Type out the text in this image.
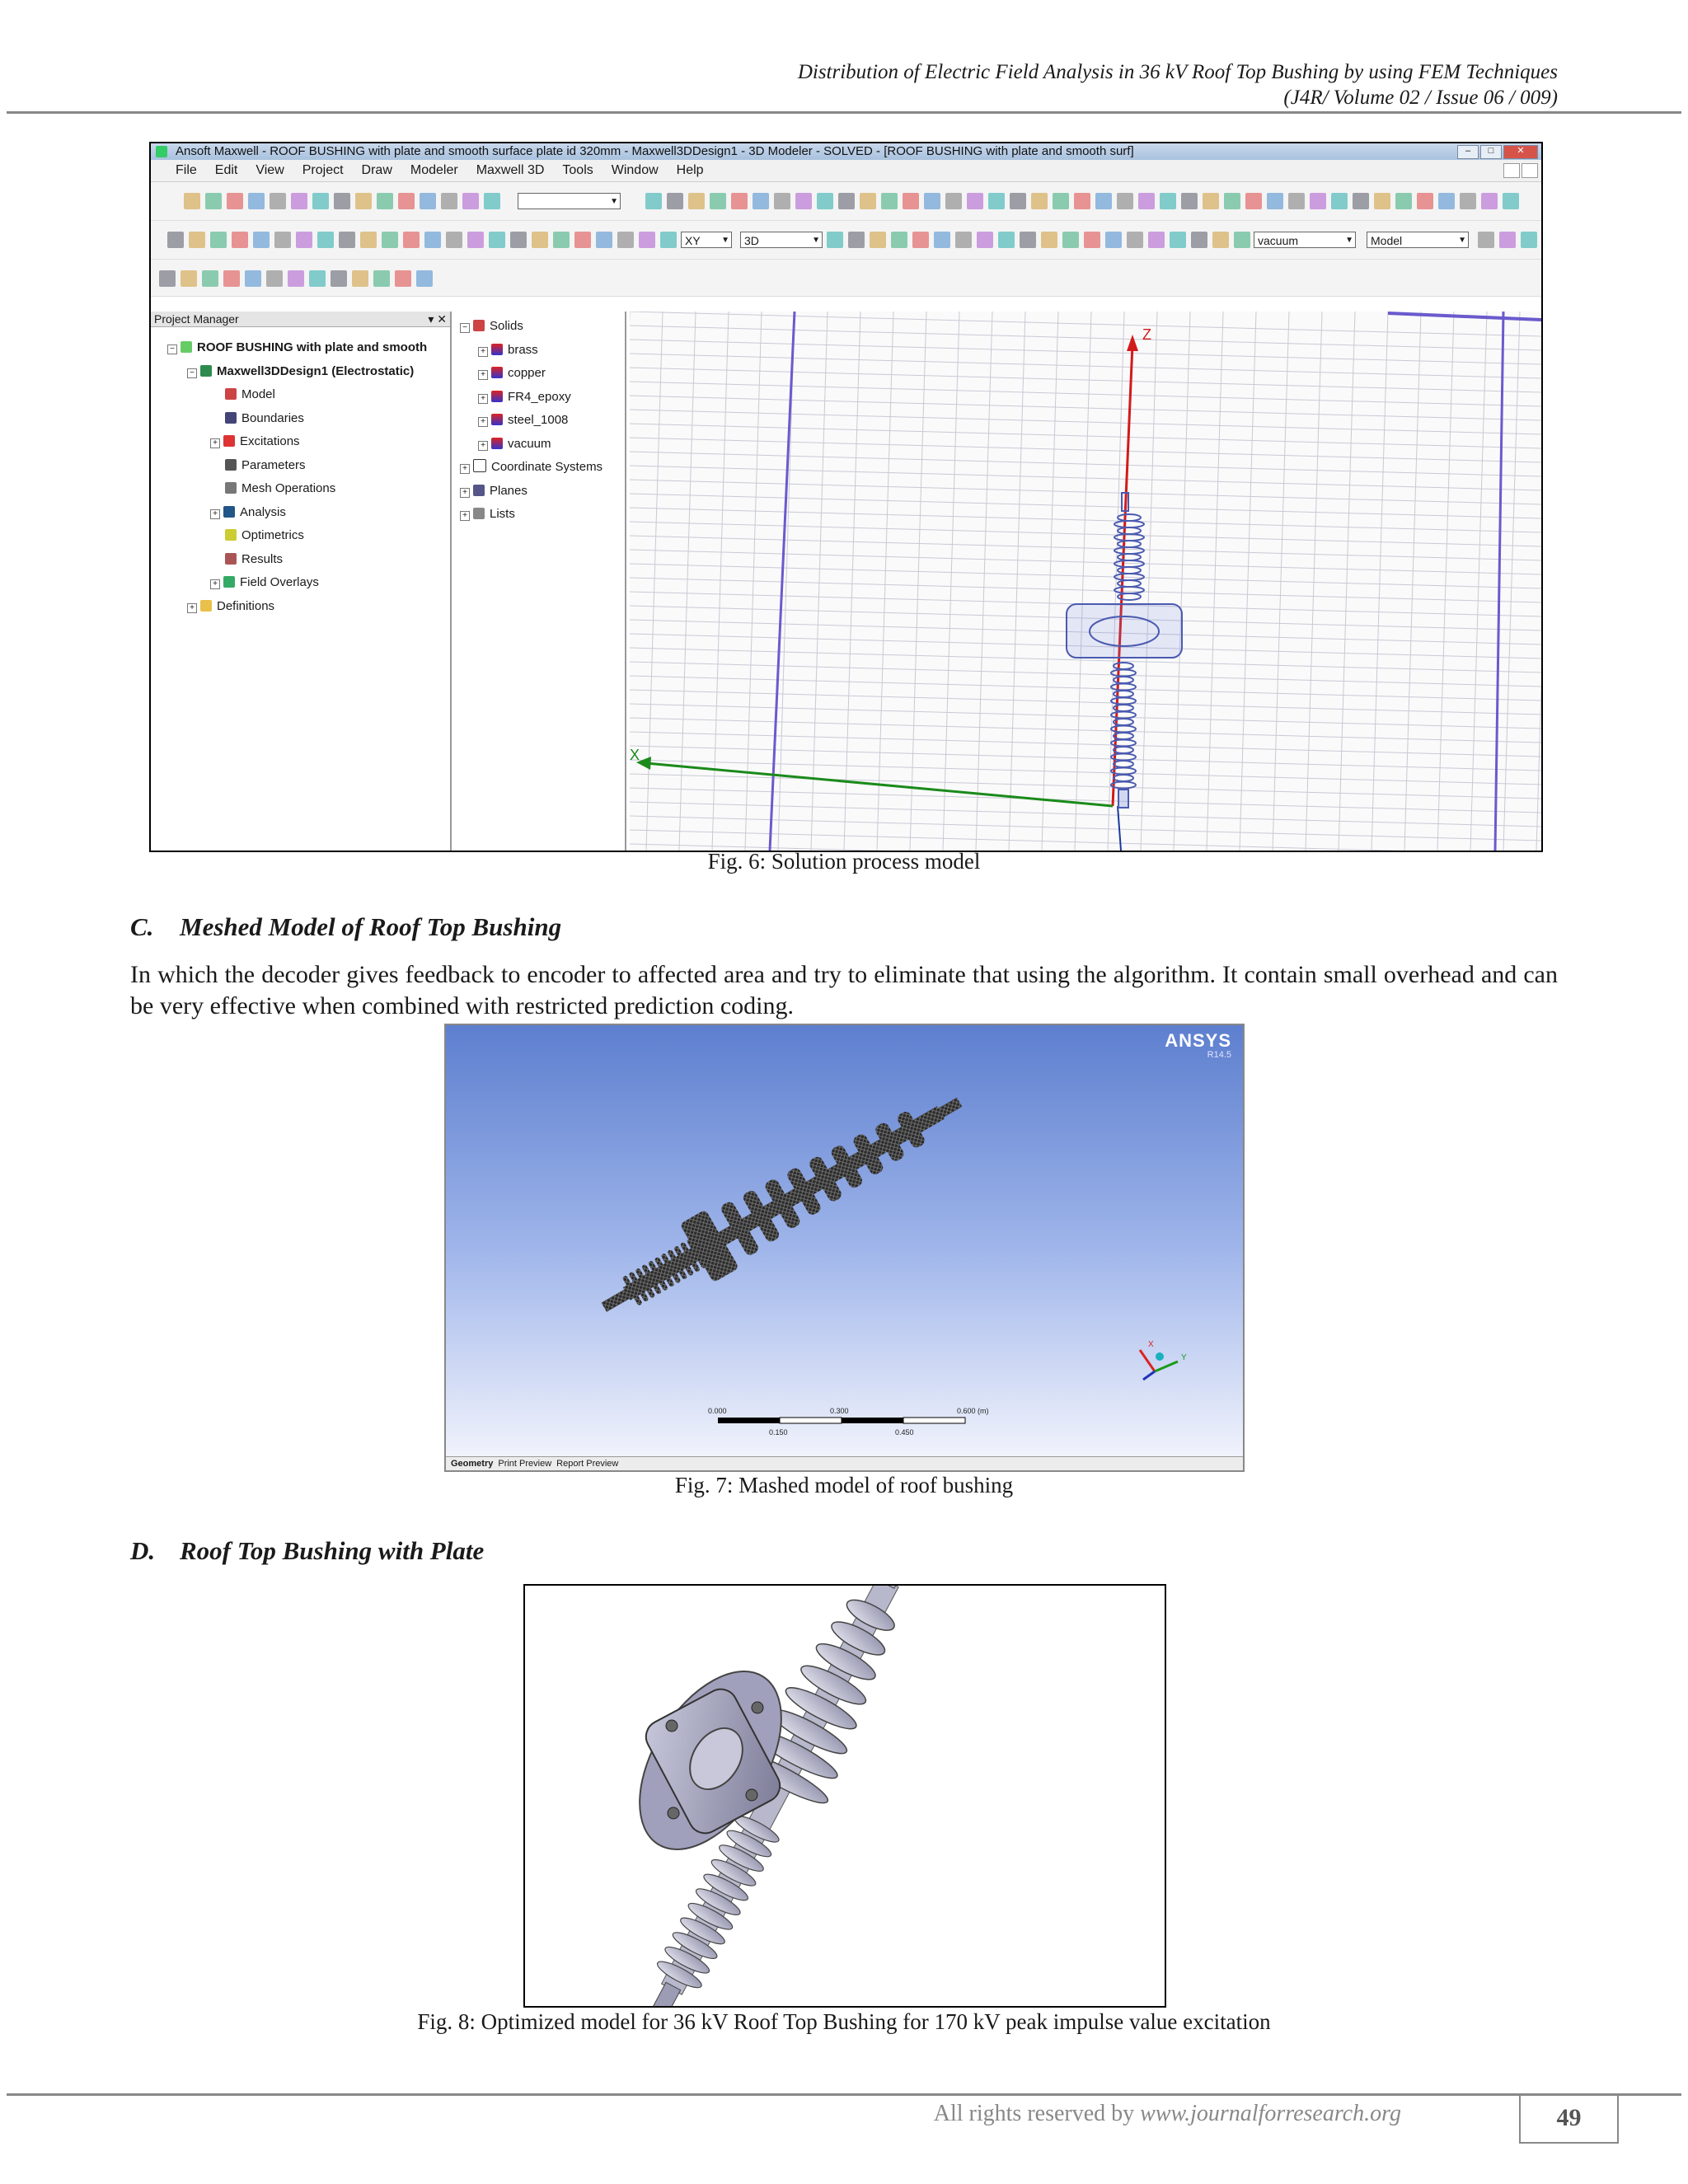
Distribution of Electric Field Analysis in 36 kV Roof Top Bushing by using FEM Techniques
(J4R/ Volume 02 / Issue 06 / 009)
Ansoft Maxwell - ROOF BUSHING with plate and smooth surface plate id 320mm - Maxwell3DDesign1 - 3D Modeler - SOLVED - [ROOF BUSHING with plate and smooth surf]	–	□	✕
File Edit View Project Draw Modeler Maxwell 3D Tools Window Help
▼
XY ▼	3D ▼	vacuum ▼	Model ▼
Project Manager	▾ ✕
− ROOF BUSHING with plate and smooth
− Maxwell3DDesign1 (Electrostatic)
Model
Boundaries
+ Excitations
Parameters
Mesh Operations
+ Analysis
Optimetrics
Results
+ Field Overlays
+ Definitions
− Solids
+ brass
+ copper
+ FR4_epoxy
+ steel_1008
+ vacuum
+ Coordinate Systems
+ Planes
+ Lists
Z
X
Fig. 6: Solution process model
C. Meshed Model of Roof Top Bushing
In which the decoder gives feedback to encoder to affected area and try to eliminate that using the algorithm. It contain small overhead and can be very effective when combined with restricted prediction coding.
ANSYS
R14.5
X
Y
0.000	0.300	0.600 (m)
0.150	0.450
Geometry Print Preview Report Preview
Fig. 7: Mashed model of roof bushing
D. Roof Top Bushing with Plate
Fig. 8: Optimized model for 36 kV Roof Top Bushing for 170 kV peak impulse value excitation
All rights reserved by www.journalforresearch.org	49
